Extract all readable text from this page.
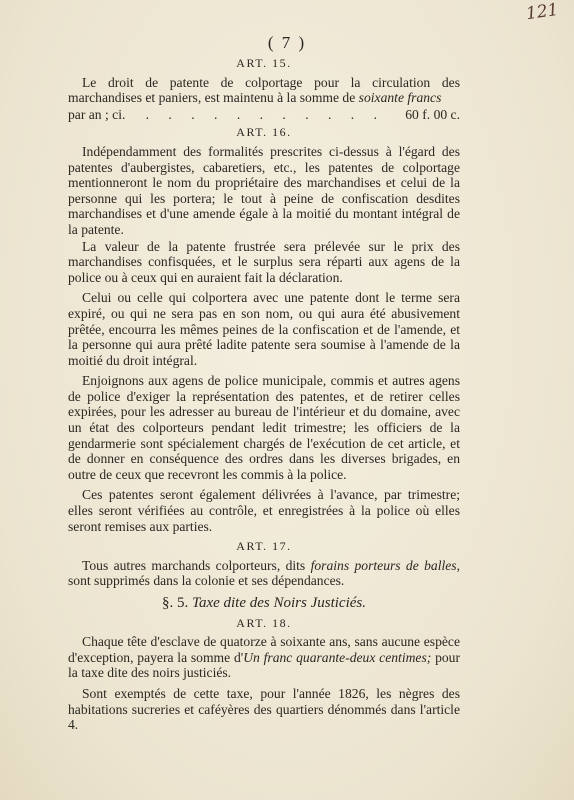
121
( 7 )
ART. 15.

Le droit de patente de colportage pour la circulation des marchandises et paniers, est maintenu à la somme de soixante francs

par an ; ci.	. . . . . . . . . . .	60 f. 00 c.
ART. 16.

Indépendamment des formalités prescrites ci-dessus à l'égard des patentes d'aubergistes, cabaretiers, etc., les patentes de colportage mentionneront le nom du propriétaire des marchandises et celui de la personne qui les portera; le tout à peine de confiscation desdites marchandises et d'une amende égale à la moitié du montant intégral de la patente.

La valeur de la patente frustrée sera prélevée sur le prix des marchandises confisquées, et le surplus sera réparti aux agens de la police ou à ceux qui en auraient fait la déclaration.

Celui ou celle qui colportera avec une patente dont le terme sera expiré, ou qui ne sera pas en son nom, ou qui aura été abusivement prêtée, encourra les mêmes peines de la confiscation et de l'amende, et la personne qui aura prêté ladite patente sera soumise à l'amende de la moitié du droit intégral.

Enjoignons aux agens de police municipale, commis et autres agens de police d'exiger la représentation des patentes, et de retirer celles expirées, pour les adresser au bureau de l'intérieur et du domaine, avec un état des colporteurs pendant ledit trimestre; les officiers de la gendarmerie sont spécialement chargés de l'exécution de cet article, et de donner en conséquence des ordres dans les diverses brigades, en outre de ceux que recevront les commis à la police.

Ces patentes seront également délivrées à l'avance, par trimestre; elles seront vérifiées au contrôle, et enregistrées à la police où elles seront remises aux parties.

ART. 17.

Tous autres marchands colporteurs, dits forains porteurs de balles, sont supprimés dans la colonie et ses dépendances.

§. 5. Taxe dite des Noirs Justiciés.
ART. 18.

Chaque tête d'esclave de quatorze à soixante ans, sans aucune espèce d'exception, payera la somme d'Un franc quarante-deux centimes; pour la taxe dite des noirs justiciés.

Sont exemptés de cette taxe, pour l'année 1826, les nègres des habitations sucreries et caféyères des quartiers dénommés dans l'article 4.
